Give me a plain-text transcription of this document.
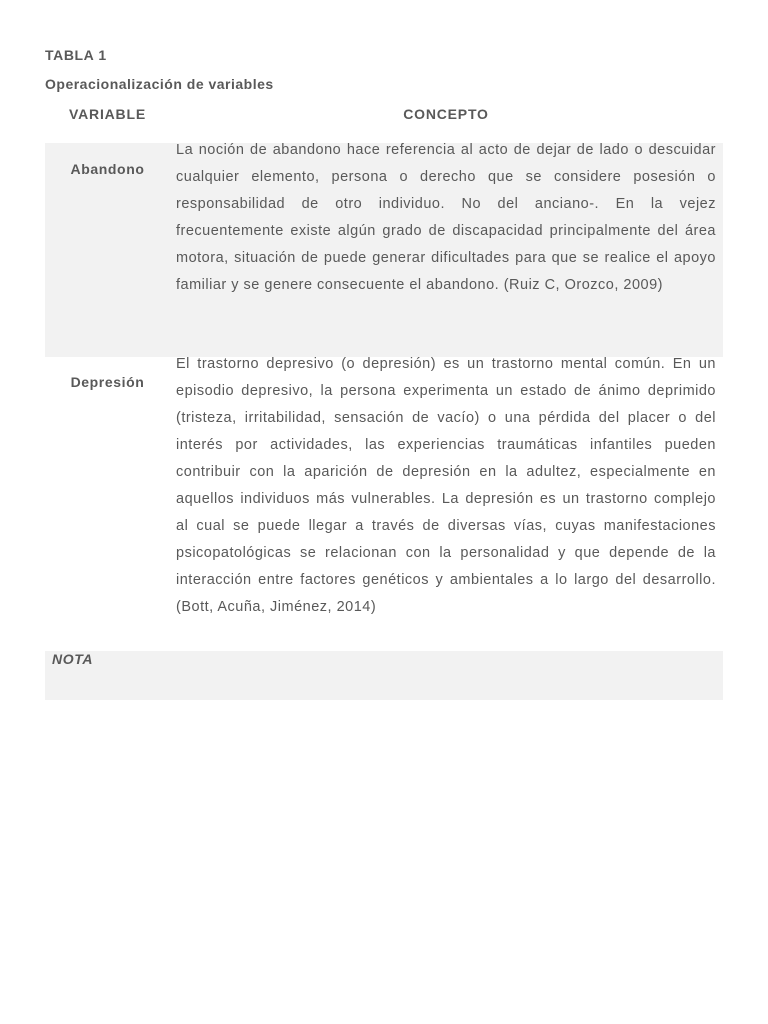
TABLA 1
Operacionalización de variables
VARIABLE	CONCEPTO
Abandono

La noción de abandono hace referencia al acto de dejar de lado o descuidar cualquier elemento, persona o derecho que se considere posesión o responsabilidad de otro individuo. No del anciano-. En la vejez frecuentemente existe algún grado de discapacidad principalmente del área motora, situación de puede generar dificultades para que se realice el apoyo familiar y se genere consecuente el abandono. (Ruiz C, Orozco, 2009)

Depresión

El trastorno depresivo (o depresión) es un trastorno mental común. En un episodio depresivo, la persona experimenta un estado de ánimo deprimido (tristeza, irritabilidad, sensación de vacío) o una pérdida del placer o del interés por actividades, las experiencias traumáticas infantiles pueden contribuir con la aparición de depresión en la adultez, especialmente en aquellos individuos más vulnerables. La depresión es un trastorno complejo al cual se puede llegar a través de diversas vías, cuyas manifestaciones psicopatológicas se relacionan con la personalidad y que depende de la interacción entre factores genéticos y ambientales a lo largo del desarrollo. (Bott, Acuña, Jiménez, 2014)

NOTA
